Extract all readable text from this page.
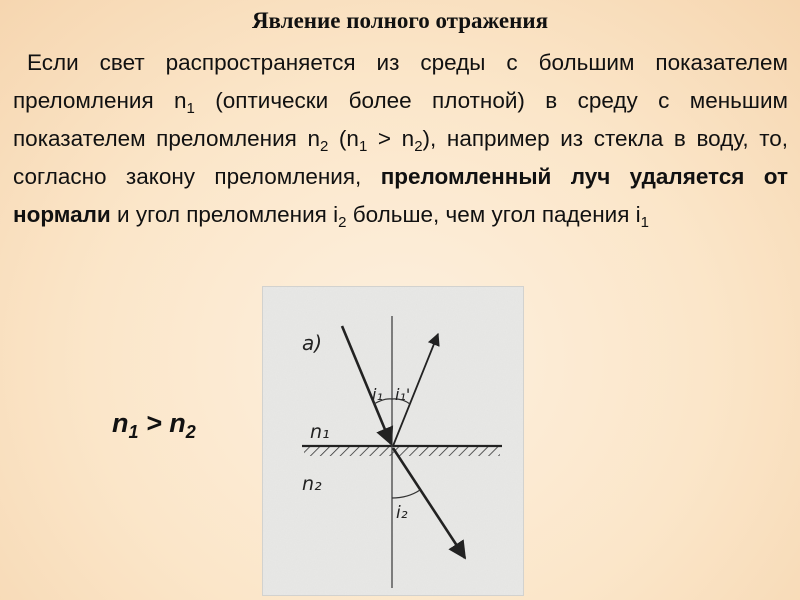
Явление полного отражения
Если свет распространяется из среды с большим показателем преломления $n_1$ (оптически более плотной) в среду с меньшим показателем преломления $n_2$ $(n_1 > n_2)$, например из стекла в воду, то, согласно закону преломления, преломленный луч удаляется от нормали и угол преломления $i_2$ больше, чем угол падения $i_1$
$n_1 > n_2$
а)
i₁ i₁'
n₁
n₂
i₂
